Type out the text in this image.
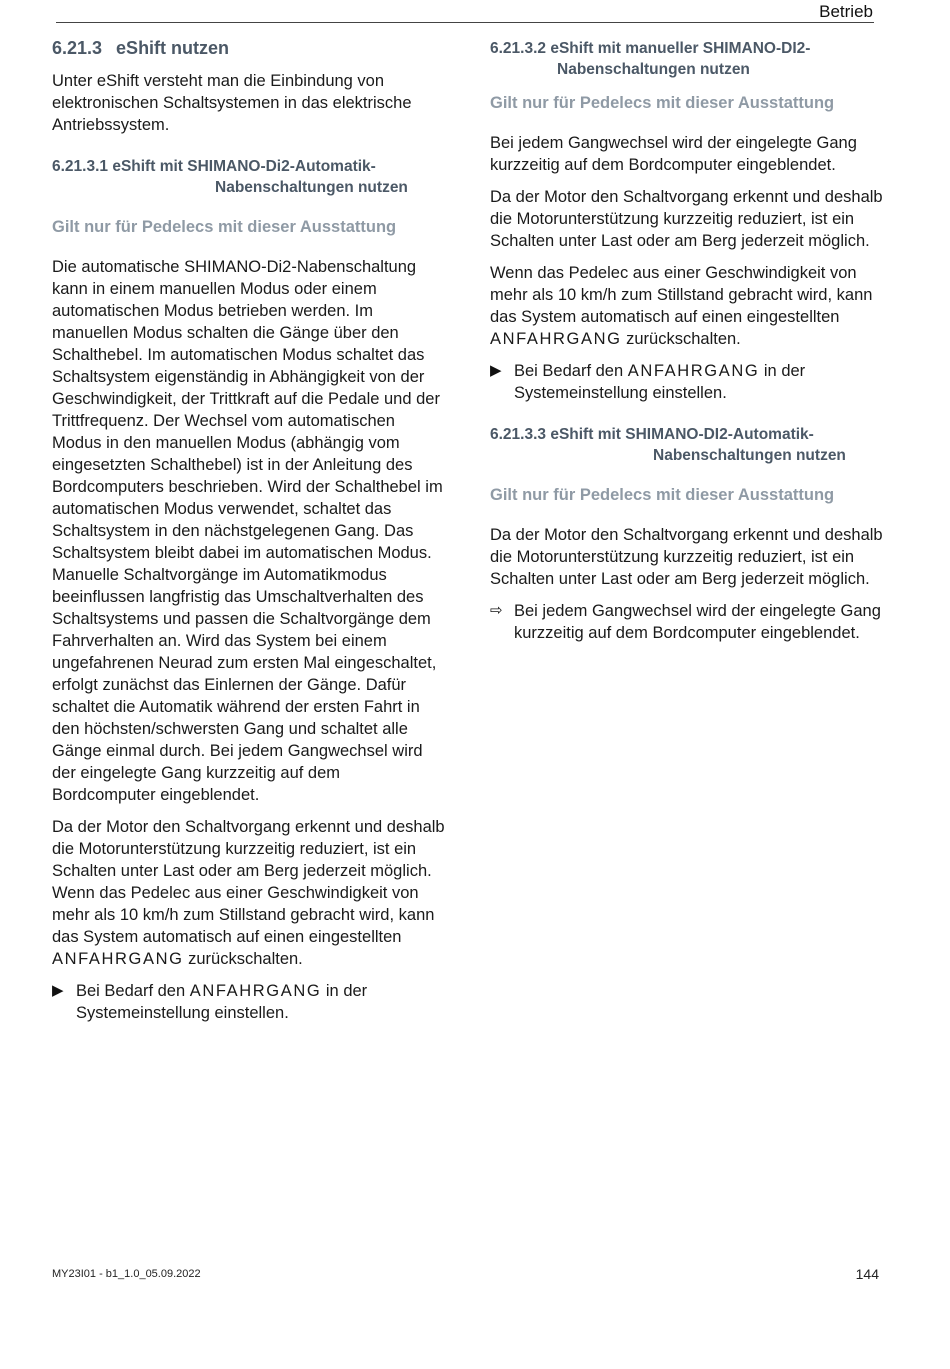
Betrieb
6.21.3 eShift nutzen

Unter eShift versteht man die Einbindung von elektronischen Schaltsystemen in das elektrische Antriebssystem.

6.21.3.1 eShift mit SHIMANO-Di2-Automatik-
Nabenschaltungen nutzen

Gilt nur für Pedelecs mit dieser Ausstattung

Die automatische SHIMANO-Di2-Nabenschaltung kann in einem manuellen Modus oder einem automatischen Modus betrieben werden. Im manuellen Modus schalten die Gänge über den Schalthebel. Im automatischen Modus schaltet das Schaltsystem eigenständig in Abhängigkeit von der Geschwindigkeit, der Trittkraft auf die Pedale und der Trittfrequenz. Der Wechsel vom automatischen Modus in den manuellen Modus (abhängig vom eingesetzten Schalthebel) ist in der Anleitung des Bordcomputers beschrieben. Wird der Schalthebel im automatischen Modus verwendet, schaltet das Schaltsystem in den nächstgelegenen Gang. Das Schaltsystem bleibt dabei im automatischen Modus. Manuelle Schaltvorgänge im Automatikmodus beeinflussen langfristig das Umschaltverhalten des Schaltsystems und passen die Schaltvorgänge dem Fahrverhalten an. Wird das System bei einem ungefahrenen Neurad zum ersten Mal eingeschaltet, erfolgt zunächst das Einlernen der Gänge. Dafür schaltet die Automatik während der ersten Fahrt in den höchsten/schwersten Gang und schaltet alle Gänge einmal durch. Bei jedem Gangwechsel wird der eingelegte Gang kurzzeitig auf dem Bordcomputer eingeblendet.

Da der Motor den Schaltvorgang erkennt und deshalb die Motorunterstützung kurzzeitig reduziert, ist ein Schalten unter Last oder am Berg jederzeit möglich. Wenn das Pedelec aus einer Geschwindigkeit von mehr als 10 km/h zum Stillstand gebracht wird, kann das System automatisch auf einen eingestellten ANFAHRGANG zurückschalten.

▶ Bei Bedarf den ANFAHRGANG in der Systemeinstellung einstellen.
6.21.3.2 eShift mit manueller SHIMANO-DI2-
Nabenschaltungen nutzen

Gilt nur für Pedelecs mit dieser Ausstattung

Bei jedem Gangwechsel wird der eingelegte Gang kurzzeitig auf dem Bordcomputer eingeblendet.

Da der Motor den Schaltvorgang erkennt und deshalb die Motorunterstützung kurzzeitig reduziert, ist ein Schalten unter Last oder am Berg jederzeit möglich.

Wenn das Pedelec aus einer Geschwindigkeit von mehr als 10 km/h zum Stillstand gebracht wird, kann das System automatisch auf einen eingestellten ANFAHRGANG zurückschalten.

▶ Bei Bedarf den ANFAHRGANG in der Systemeinstellung einstellen.
6.21.3.3 eShift mit SHIMANO-DI2-Automatik-
Nabenschaltungen nutzen

Gilt nur für Pedelecs mit dieser Ausstattung

Da der Motor den Schaltvorgang erkennt und deshalb die Motorunterstützung kurzzeitig reduziert, ist ein Schalten unter Last oder am Berg jederzeit möglich.

⇨ Bei jedem Gangwechsel wird der eingelegte Gang kurzzeitig auf dem Bordcomputer eingeblendet.
MY23I01 - b1_1.0_05.09.2022	144
